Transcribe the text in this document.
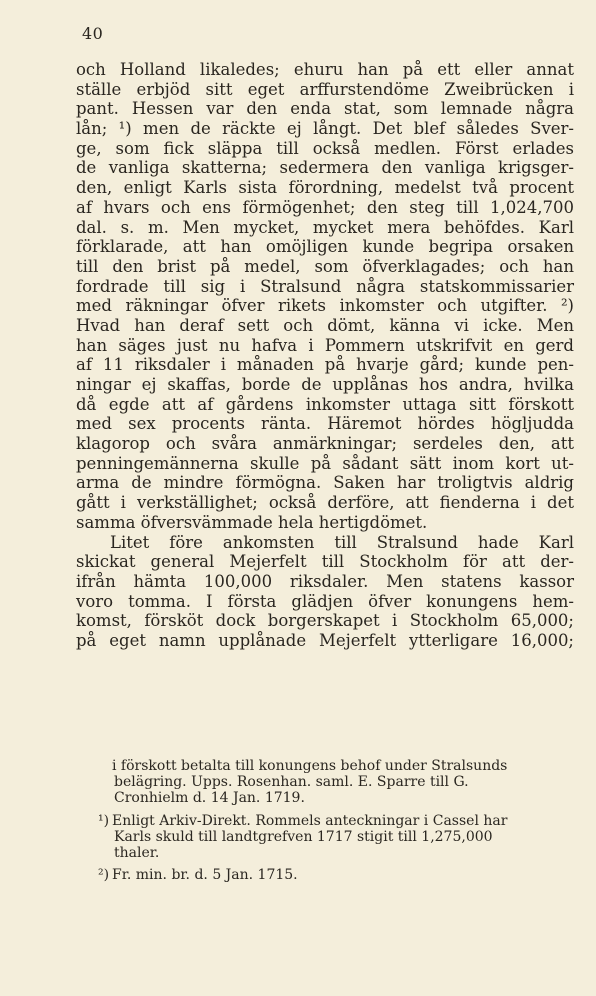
40
och Holland likaledes; ehuru han på ett eller annat
ställe erbjöd sitt eget arffurstendöme Zweibrücken i
pant. Hessen var den enda stat, som lemnade några
lån; ¹) men de räckte ej långt. Det blef således Sver-
ge, som fick släppa till också medlen. Först erlades
de vanliga skatterna; sedermera den vanliga krigsger-
den, enligt Karls sista förordning, medelst två procent
af hvars och ens förmögenhet; den steg till 1,024,700
dal. s. m. Men mycket, mycket mera behöfdes. Karl
förklarade, att han omöjligen kunde begripa orsaken
till den brist på medel, som öfverklagades; och han
fordrade till sig i Stralsund några statskommissarier
med räkningar öfver rikets inkomster och utgifter. ²)
Hvad han deraf sett och dömt, känna vi icke. Men
han säges just nu hafva i Pommern utskrifvit en gerd
af 11 riksdaler i månaden på hvarje gård; kunde pen-
ningar ej skaffas, borde de upplånas hos andra, hvilka
då egde att af gårdens inkomster uttaga sitt förskott
med sex procents ränta. Häremot hördes högljudda
klagorop och svåra anmärkningar; serdeles den, att
penningemännerna skulle på sådant sätt inom kort ut-
arma de mindre förmögna. Saken har troligtvis aldrig
gått i verkställighet; också derföre, att fienderna i det
samma öfversvämmade hela hertigdömet.
Litet före ankomsten till Stralsund hade Karl
skickat general Mejerfelt till Stockholm för att der-
ifrån hämta 100,000 riksdaler. Men statens kassor
voro tomma. I första glädjen öfver konungens hem-
komst, försköt dock borgerskapet i Stockholm 65,000;
på eget namn upplånade Mejerfelt ytterligare 16,000;
i förskott betalta till konungens behof under Stralsunds
belägring. Upps. Rosenhan. saml. E. Sparre till G.
Cronhielm d. 14 Jan. 1719.
¹) Enligt Arkiv-Direkt. Rommels anteckningar i Cassel har
Karls skuld till landtgrefven 1717 stigit till 1,275,000
thaler.
²) Fr. min. br. d. 5 Jan. 1715.
